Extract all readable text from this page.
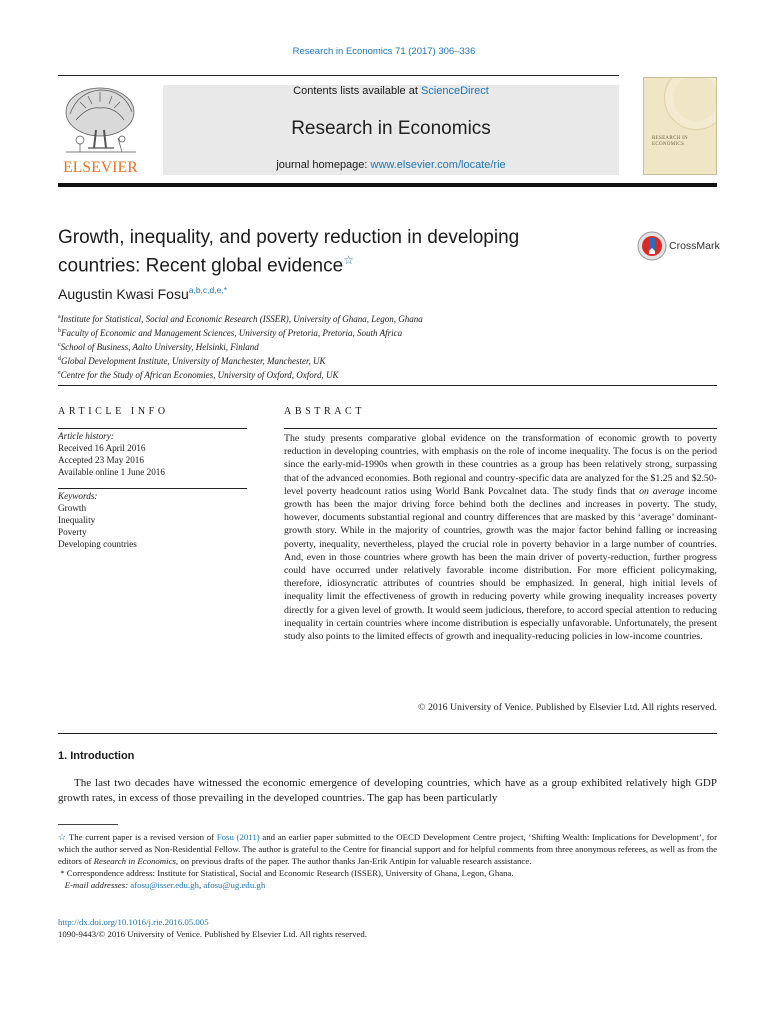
Research in Economics 71 (2017) 306–336
ELSEVIER
Contents lists available at ScienceDirect
Research in Economics
journal homepage: www.elsevier.com/locate/rie
RESEARCH IN ECONOMICS
Growth, inequality, and poverty reduction in developing
countries: Recent global evidence☆
CrossMark
Augustin Kwasi Fosu$^{a,b,c,d,e,*}$
$^a$Institute for Statistical, Social and Economic Research (ISSER), University of Ghana, Legon, Ghana
$^b$Faculty of Economic and Management Sciences, University of Pretoria, Pretoria, South Africa
$^c$School of Business, Aalto University, Helsinki, Finland
$^d$Global Development Institute, University of Manchester, Manchester, UK
$^e$Centre for the Study of African Economies, University of Oxford, Oxford, UK
ARTICLE INFO
Article history:
Received 16 April 2016
Accepted 23 May 2016
Available online 1 June 2016
Keywords:
Growth
Inequality
Poverty
Developing countries
ABSTRACT
The study presents comparative global evidence on the transformation of economic growth to poverty reduction in developing countries, with emphasis on the role of income inequality. The focus is on the period since the early-mid-1990s when growth in these countries as a group has been relatively strong, surpassing that of the advanced economies. Both regional and country-specific data are analyzed for the $1.25 and $2.50-level poverty headcount ratios using World Bank Povcalnet data. The study finds that on average income growth has been the major driving force behind both the declines and increases in poverty. The study, however, documents substantial regional and country differences that are masked by this ‘average’ dominant-growth story. While in the majority of countries, growth was the major factor behind falling or increasing poverty, inequality, nevertheless, played the crucial role in poverty behavior in a large number of countries. And, even in those countries where growth has been the main driver of poverty-reduction, further progress could have occurred under relatively favorable income distribution. For more efficient policymaking, therefore, idiosyncratic attributes of countries should be emphasized. In general, high initial levels of inequality limit the effectiveness of growth in reducing poverty while growing inequality increases poverty directly for a given level of growth. It would seem judicious, therefore, to accord special attention to reducing inequality in certain countries where income distribution is especially unfavorable. Unfortunately, the present study also points to the limited effects of growth and inequality-reducing policies in low-income countries.
© 2016 University of Venice. Published by Elsevier Ltd. All rights reserved.
1. Introduction
The last two decades have witnessed the economic emergence of developing countries, which have as a group exhibited relatively high GDP growth rates, in excess of those prevailing in the developed countries. The gap has been particularly

☆ The current paper is a revised version of Fosu (2011) and an earlier paper submitted to the OECD Development Centre project, ‘Shifting Wealth: Implications for Development’, for which the author served as Non-Residential Fellow. The author is grateful to the Centre for financial support and for helpful comments from three anonymous referees, as well as from the editors of Research in Economics, on previous drafts of the paper. The author thanks Jan-Erik Antipin for valuable research assistance.

* Correspondence address: Institute for Statistical, Social and Economic Research (ISSER), University of Ghana, Legon, Ghana.

E-mail addresses: afosu@isser.edu.gh, afosu@ug.edu.gh

http://dx.doi.org/10.1016/j.rie.2016.05.005
1090-9443/© 2016 University of Venice. Published by Elsevier Ltd. All rights reserved.
